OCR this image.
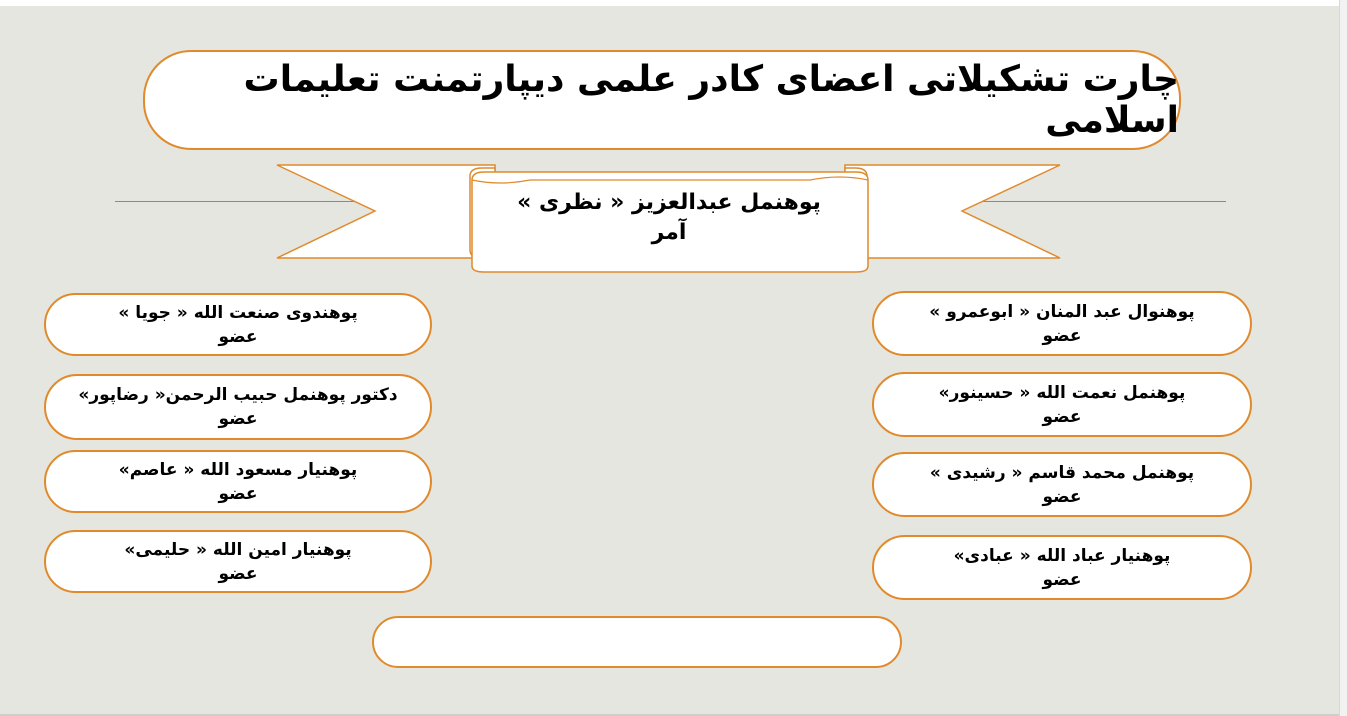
چارت تشکیلاتی اعضای کادر علمی دیپارتمنت تعلیمات اسلامی
پوهنمل عبدالعزیز « نظری »
آمر
پوهندوی صنعت الله « جویا »
عضو
دکتور پوهنمل حبیب الرحمن« رضاپور»
عضو
پوهنیار مسعود الله « عاصم»
عضو
پوهنیار امین الله « حلیمی»
عضو
پوهنوال عبد المنان « ابوعمرو »
عضو
پوهنمل نعمت الله « حسینور»
عضو
پوهنمل محمد قاسم « رشیدی »
عضو
پوهنیار عباد الله « عبادی»
عضو
